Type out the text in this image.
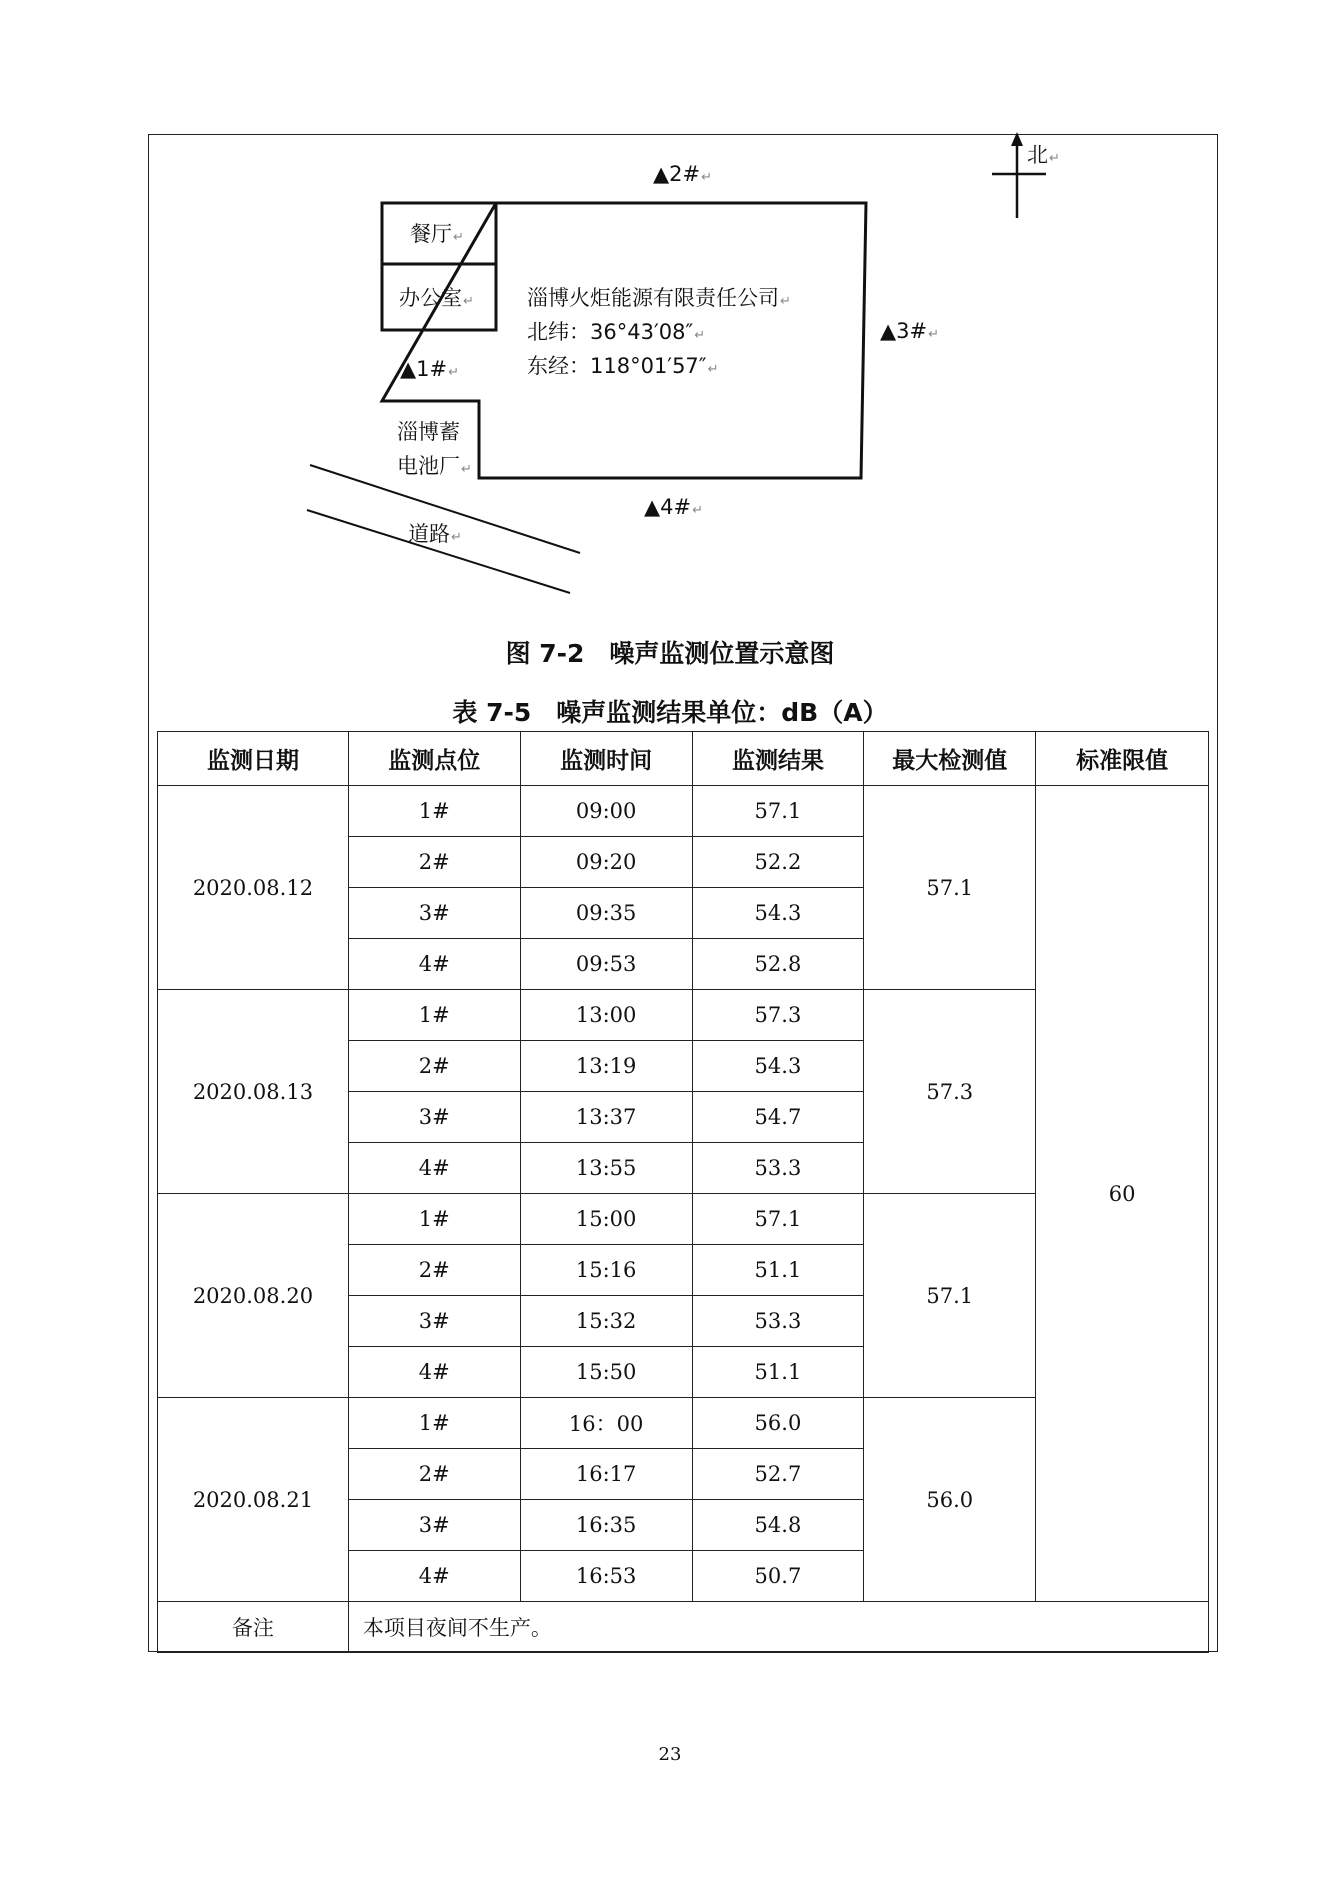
北↵
▲2#↵
▲3#↵
▲1#↵
▲4#↵
餐厅↵
办公室↵	淄博火炬能源有限责任公司↵
北纬：36°43′08″↵
东经：118°01′57″↵
淄博蓄
电池厂↵
道路↵
图 7-2　噪声监测位置示意图
表 7-5　噪声监测结果单位：dB（A）
监测日期	监测点位	监测时间	监测结果	最大检测值	标准限值
2020.08.12	1#	09:00	57.1	57.1	60
	2#	09:20	52.2		
	3#	09:35	54.3		
	4#	09:53	52.8		
2020.08.13	1#	13:00	57.3	57.3	
	2#	13:19	54.3		
	3#	13:37	54.7		
	4#	13:55	53.3		
2020.08.20	1#	15:00	57.1	57.1	
	2#	15:16	51.1		
	3#	15:32	53.3		
	4#	15:50	51.1		
2020.08.21	1#	16：00	56.0	56.0	
	2#	16:17	52.7		
	3#	16:35	54.8		
	4#	16:53	50.7		
备注	本项目夜间不生产。				
23
